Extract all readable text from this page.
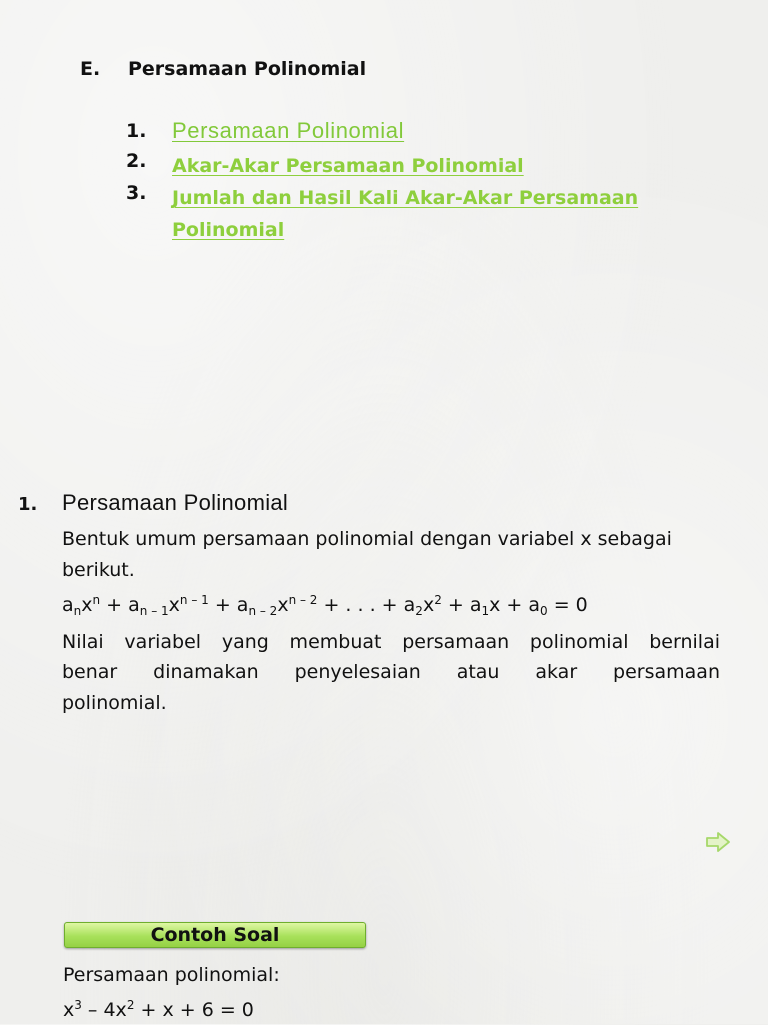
E.	Persamaan Polinomial
1.	Persamaan Polinomial
2.	Akar-Akar Persamaan Polinomial
3.	Jumlah dan Hasil Kali Akar-Akar Persamaan Polinomial
1. Persamaan Polinomial

Bentuk umum persamaan polinomial dengan variabel x sebagai berikut.

$a_nx^n + a_{n - 1}x^{n - 1} + a_{n - 2}x^{n - 2}$ + . . . + $a_2x^2 + a_1x + a_0 = 0$

Nilai variabel yang membuat persamaan polinomial bernilai

benar dinamakan penyelesaian atau akar persamaan

polinomial.

Contoh Soal

Persamaan polinomial:

$x^3 - 4x^2 + x + 6 = 0$
